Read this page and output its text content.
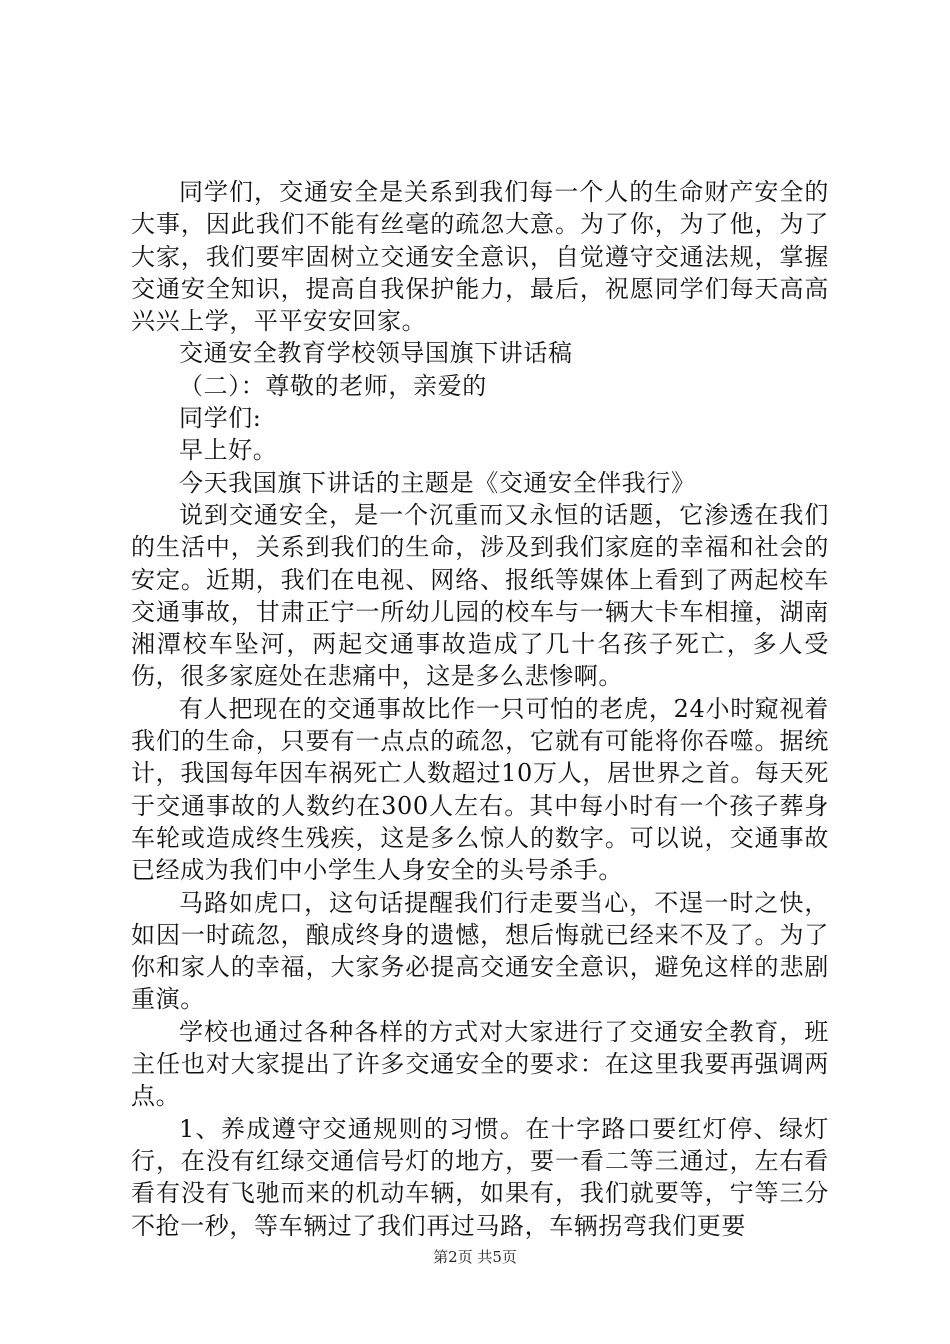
同学们，交通安全是关系到我们每一个人的生命财产安全的大事，因此我们不能有丝毫的疏忽大意。为了你，为了他，为了大家，我们要牢固树立交通安全意识，自觉遵守交通法规，掌握交通安全知识，提高自我保护能力，最后，祝愿同学们每天高高兴兴上学，平平安安回家。

交通安全教育学校领导国旗下讲话稿

（二）：尊敬的老师，亲爱的

同学们:

早上好。

今天我国旗下讲话的主题是《交通安全伴我行》

说到交通安全，是一个沉重而又永恒的话题，它渗透在我们的生活中，关系到我们的生命，涉及到我们家庭的幸福和社会的安定。近期，我们在电视、网络、报纸等媒体上看到了两起校车交通事故，甘肃正宁一所幼儿园的校车与一辆大卡车相撞，湖南湘潭校车坠河，两起交通事故造成了几十名孩子死亡，多人受伤，很多家庭处在悲痛中，这是多么悲惨啊。

有人把现在的交通事故比作一只可怕的老虎，24小时窥视着我们的生命，只要有一点点的疏忽，它就有可能将你吞噬。据统计，我国每年因车祸死亡人数超过10万人，居世界之首。每天死于交通事故的人数约在300人左右。其中每小时有一个孩子葬身车轮或造成终生残疾，这是多么惊人的数字。可以说，交通事故已经成为我们中小学生人身安全的头号杀手。

马路如虎口，这句话提醒我们行走要当心，不逞一时之快，如因一时疏忽，酿成终身的遗憾，想后悔就已经来不及了。为了你和家人的幸福，大家务必提高交通安全意识，避免这样的悲剧重演。

学校也通过各种各样的方式对大家进行了交通安全教育，班主任也对大家提出了许多交通安全的要求：在这里我要再强调两点。

1、养成遵守交通规则的习惯。在十字路口要红灯停、绿灯行，在没有红绿交通信号灯的地方，要一看二等三通过，左右看看有没有飞驰而来的机动车辆，如果有，我们就要等，宁等三分不抢一秒，等车辆过了我们再过马路，车辆拐弯我们更要

第2页 共5页
